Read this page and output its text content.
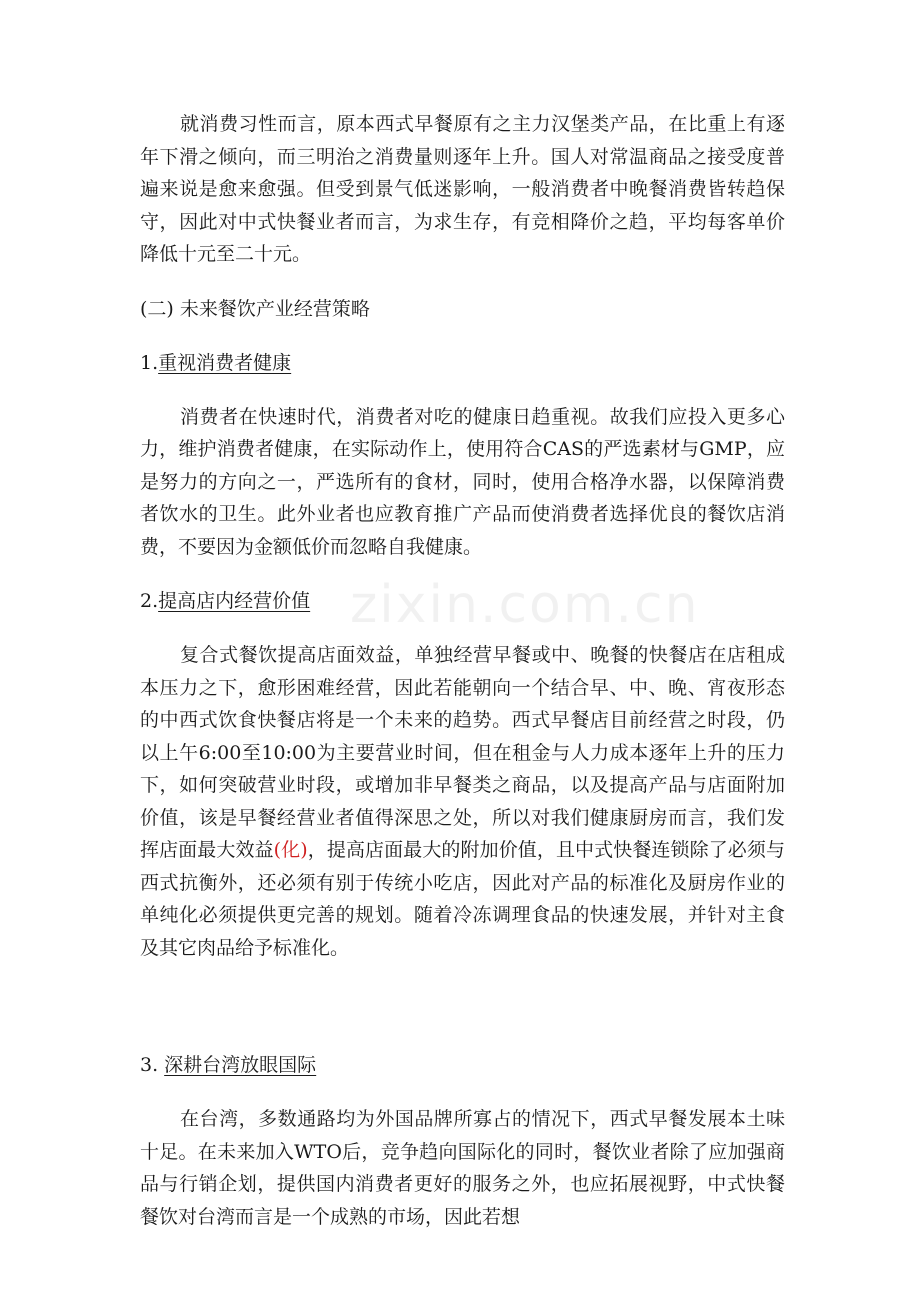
zixin.com.cn

就消费习性而言，原本西式早餐原有之主力汉堡类产品，在比重上有逐年下滑之倾向，而三明治之消费量则逐年上升。国人对常温商品之接受度普遍来说是愈来愈强。但受到景气低迷影响，一般消费者中晚餐消费皆转趋保守，因此对中式快餐业者而言，为求生存，有竞相降价之趋，平均每客单价降低十元至二十元。

(二) 未来餐饮产业经营策略

1.重视消费者健康

消费者在快速时代，消费者对吃的健康日趋重视。故我们应投入更多心力，维护消费者健康，在实际动作上，使用符合CAS的严选素材与GMP，应是努力的方向之一，严选所有的食材，同时，使用合格净水器，以保障消费者饮水的卫生。此外业者也应教育推广产品而使消费者选择优良的餐饮店消费，不要因为金额低价而忽略自我健康。

2.提高店内经营价值

复合式餐饮提高店面效益，单独经营早餐或中、晚餐的快餐店在店租成本压力之下，愈形困难经营，因此若能朝向一个结合早、中、晚、宵夜形态的中西式饮食快餐店将是一个未来的趋势。西式早餐店目前经营之时段，仍以上午6:00至10:00为主要营业时间，但在租金与人力成本逐年上升的压力下，如何突破营业时段，或增加非早餐类之商品，以及提高产品与店面附加价值，该是早餐经营业者值得深思之处，所以对我们健康厨房而言，我们发挥店面最大效益(化)，提高店面最大的附加价值，且中式快餐连锁除了必须与西式抗衡外，还必须有别于传统小吃店，因此对产品的标准化及厨房作业的单纯化必须提供更完善的规划。随着冷冻调理食品的快速发展，并针对主食及其它肉品给予标准化。

3. 深耕台湾放眼国际

在台湾，多数通路均为外国品牌所寡占的情况下，西式早餐发展本土味十足。在未来加入WTO后，竞争趋向国际化的同时，餐饮业者除了应加强商品与行销企划，提供国内消费者更好的服务之外，也应拓展视野，中式快餐餐饮对台湾而言是一个成熟的市场，因此若想
